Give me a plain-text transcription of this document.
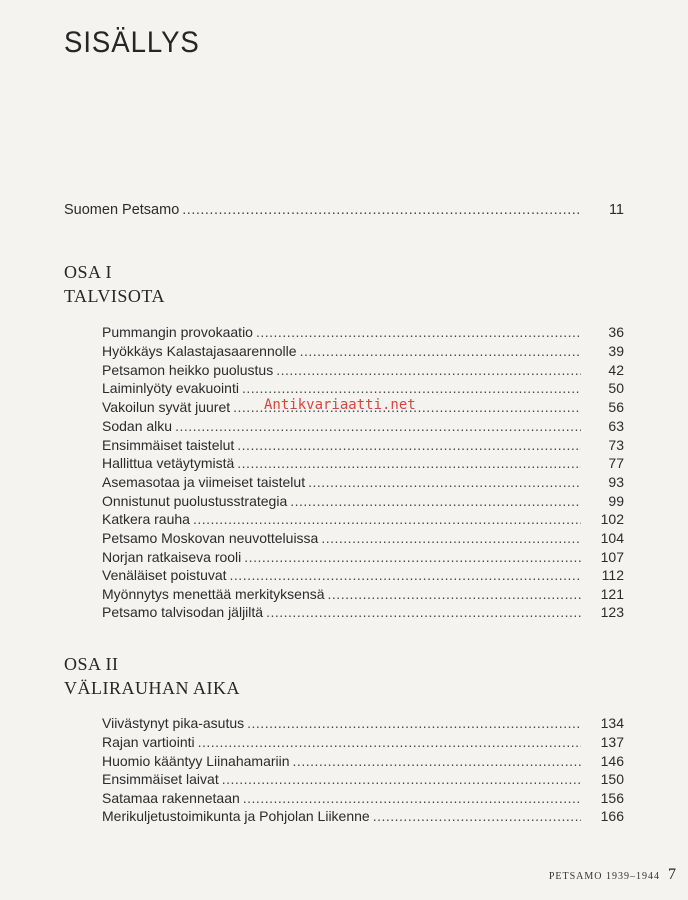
SISÄLLYS
Suomen Petsamo .....	11
OSA I
TALVISOTA
Pummangin provokaatio .....	36
Hyökkäys Kalastajasaarennolle .....	39
Petsamon heikko puolustus .....	42
Laiminlyöty evakuointi .....	50
Vakoilun syvät juuret .....	56
Sodan alku .....	63
Ensimmäiset taistelut .....	73
Hallittua vetäytymistä .....	77
Asemasotaa ja viimeiset taistelut .....	93
Onnistunut puolustusstrategia .....	99
Katkera rauha .....	102
Petsamo Moskovan neuvotteluissa .....	104
Norjan ratkaiseva rooli .....	107
Venäläiset poistuvat .....	112
Myönnytys menettää merkityksensä .....	121
Petsamo talvisodan jäljiltä .....	123
OSA II
VÄLIRAUHAN AIKA
Viivästynyt pika-asutus .....	134
Rajan vartiointi .....	137
Huomio kääntyy Liinahamariin .....	146
Ensimmäiset laivat .....	150
Satamaa rakennetaan .....	156
Merikuljetustoimikunta ja Pohjolan Liikenne .....	166
Antikvariaatti.net
PETSAMO 1939–1944 7
